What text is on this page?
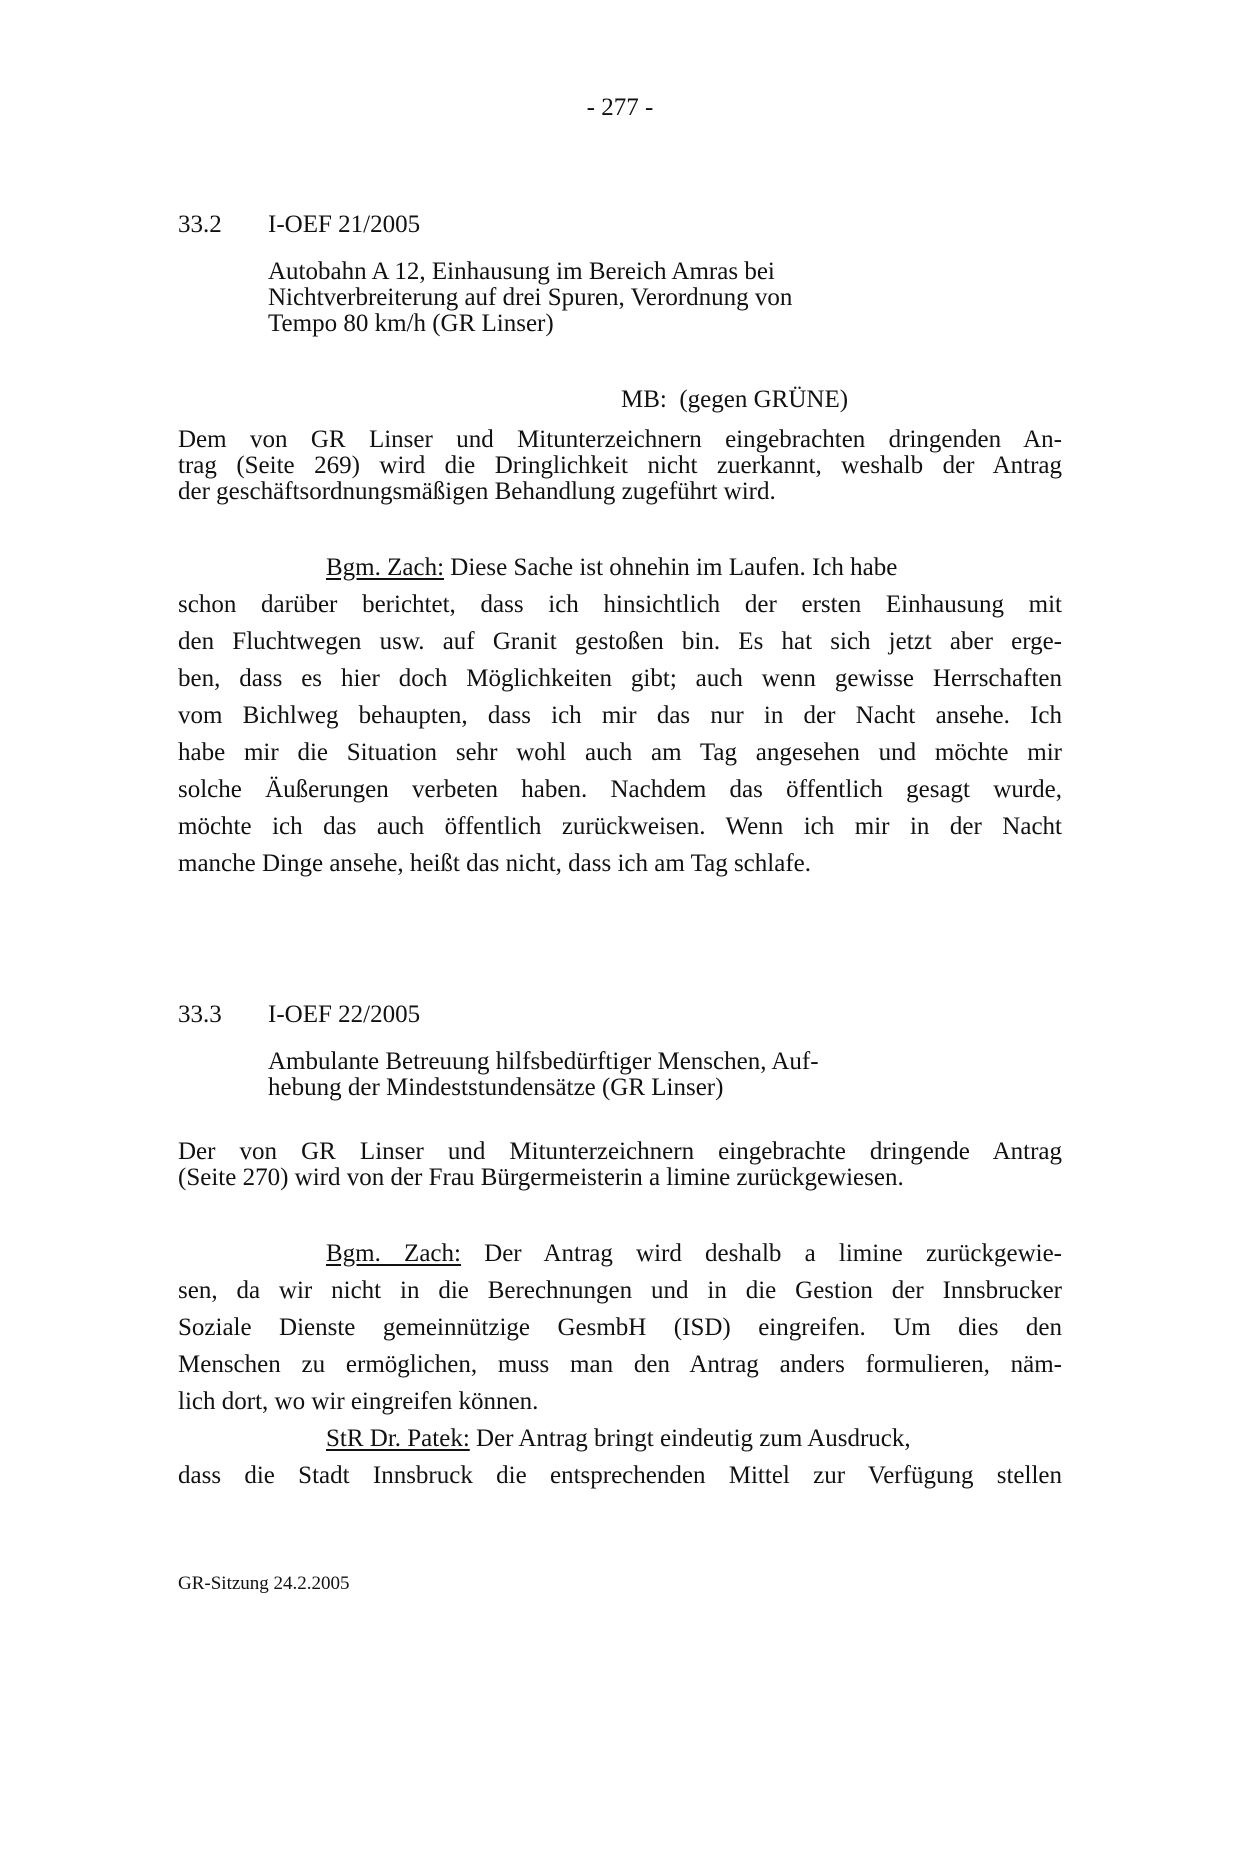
- 277 -
33.2 I-OEF 21/2005
Autobahn A 12, Einhausung im Bereich Amras bei
Nichtverbreiterung auf drei Spuren, Verordnung von
Tempo 80 km/h (GR Linser)
MB:  (gegen GRÜNE)
Dem von GR Linser und Mitunterzeichnern eingebrachten dringenden An-
trag (Seite 269) wird die Dringlichkeit nicht zuerkannt, weshalb der Antrag
der geschäftsordnungsmäßigen Behandlung zugeführt wird.
Bgm. Zach: Diese Sache ist ohnehin im Laufen. Ich habe
schon darüber berichtet, dass ich hinsichtlich der ersten Einhausung mit
den Fluchtwegen usw. auf Granit gestoßen bin. Es hat sich jetzt aber erge-
ben, dass es hier doch Möglichkeiten gibt; auch wenn gewisse Herrschaften
vom Bichlweg behaupten, dass ich mir das nur in der Nacht ansehe. Ich
habe mir die Situation sehr wohl auch am Tag angesehen und möchte mir
solche Äußerungen verbeten haben. Nachdem das öffentlich gesagt wurde,
möchte ich das auch öffentlich zurückweisen. Wenn ich mir in der Nacht
manche Dinge ansehe, heißt das nicht, dass ich am Tag schlafe.
33.3 I-OEF 22/2005
Ambulante Betreuung hilfsbedürftiger Menschen, Auf-
hebung der Mindeststundensätze (GR Linser)
Der von GR Linser und Mitunterzeichnern eingebrachte dringende Antrag
(Seite 270) wird von der Frau Bürgermeisterin a limine zurückgewiesen.
Bgm. Zach: Der Antrag wird deshalb a limine zurückgewie-
sen, da wir nicht in die Berechnungen und in die Gestion der Innsbrucker
Soziale Dienste gemeinnützige GesmbH (ISD) eingreifen. Um dies den
Menschen zu ermöglichen, muss man den Antrag anders formulieren, näm-
lich dort, wo wir eingreifen können.
StR Dr. Patek: Der Antrag bringt eindeutig zum Ausdruck,
dass die Stadt Innsbruck die entsprechenden Mittel zur Verfügung stellen
GR-Sitzung 24.2.2005
